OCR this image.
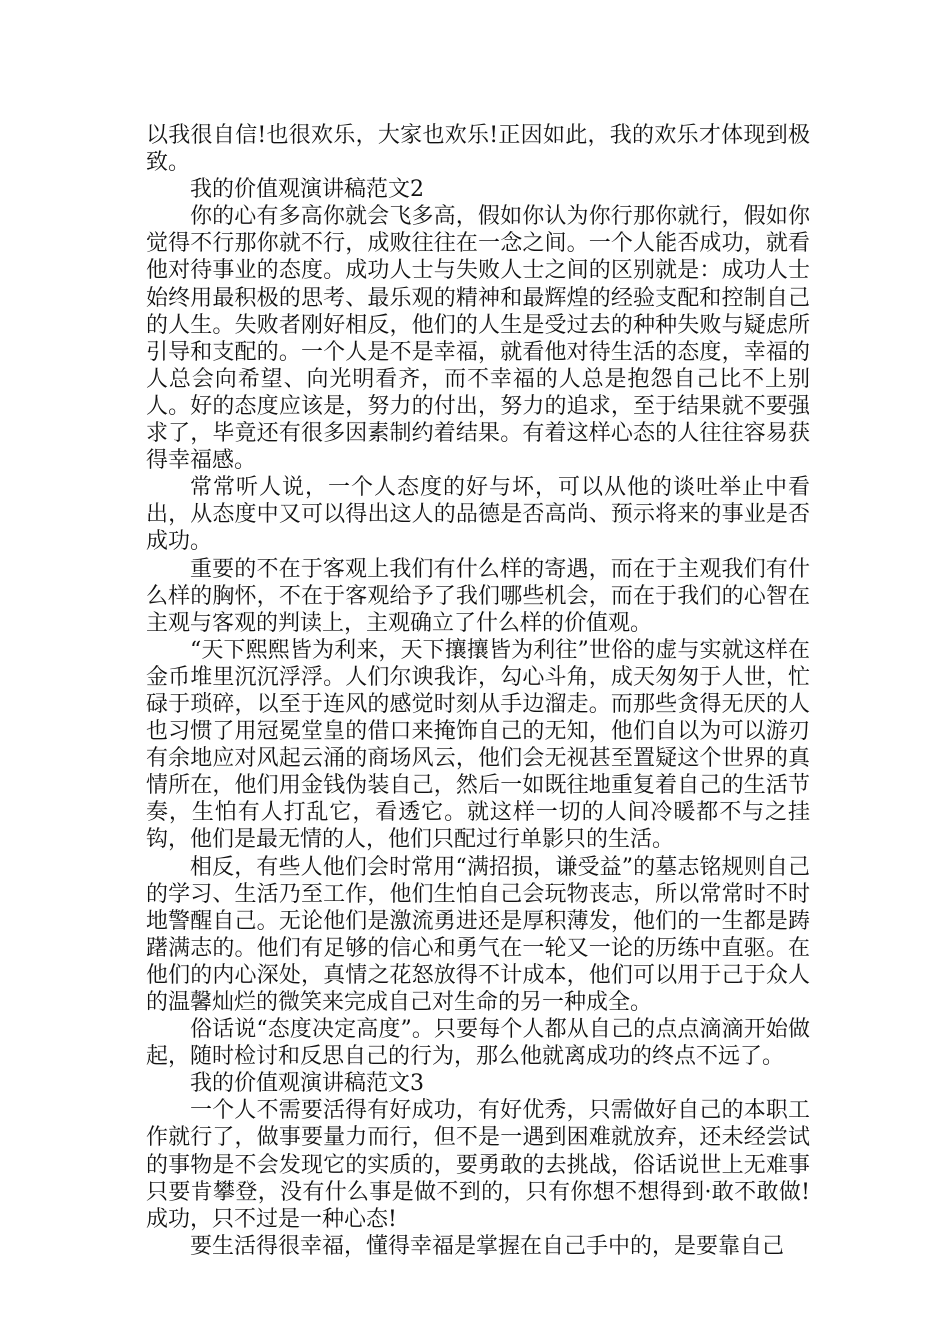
以我很自信!也很欢乐，大家也欢乐!正因如此，我的欢乐才体现到极致。

我的价值观演讲稿范文2

你的心有多高你就会飞多高，假如你认为你行那你就行，假如你觉得不行那你就不行，成败往往在一念之间。一个人能否成功，就看他对待事业的态度。成功人士与失败人士之间的区别就是：成功人士始终用最积极的思考、最乐观的精神和最辉煌的经验支配和控制自己的人生。失败者刚好相反，他们的人生是受过去的种种失败与疑虑所引导和支配的。一个人是不是幸福，就看他对待生活的态度，幸福的人总会向希望、向光明看齐，而不幸福的人总是抱怨自己比不上别人。好的态度应该是，努力的付出，努力的追求，至于结果就不要强求了，毕竟还有很多因素制约着结果。有着这样心态的人往往容易获得幸福感。

常常听人说，一个人态度的好与坏，可以从他的谈吐举止中看出，从态度中又可以得出这人的品德是否高尚、预示将来的事业是否成功。

重要的不在于客观上我们有什么样的寄遇，而在于主观我们有什么样的胸怀，不在于客观给予了我们哪些机会，而在于我们的心智在主观与客观的判读上，主观确立了什么样的价值观。

“天下熙熙皆为利来，天下攘攘皆为利往”世俗的虚与实就这样在金币堆里沉沉浮浮。人们尔谀我诈，勾心斗角，成天匆匆于人世，忙碌于琐碎，以至于连风的感觉时刻从手边溜走。而那些贪得无厌的人也习惯了用冠冕堂皇的借口来掩饰自己的无知，他们自以为可以游刃有余地应对风起云涌的商场风云，他们会无视甚至置疑这个世界的真情所在，他们用金钱伪装自己，然后一如既往地重复着自己的生活节奏，生怕有人打乱它，看透它。就这样一切的人间冷暖都不与之挂钩，他们是最无情的人，他们只配过行单影只的生活。

相反，有些人他们会时常用“满招损，谦受益”的墓志铭规则自己的学习、生活乃至工作，他们生怕自己会玩物丧志，所以常常时不时地警醒自己。无论他们是激流勇进还是厚积薄发，他们的一生都是踌躇满志的。他们有足够的信心和勇气在一轮又一论的历练中直驱。在他们的内心深处，真情之花怒放得不计成本，他们可以用于己于众人的温馨灿烂的微笑来完成自己对生命的另一种成全。

俗话说“态度决定高度”。只要每个人都从自己的点点滴滴开始做起，随时检讨和反思自己的行为，那么他就离成功的终点不远了。

我的价值观演讲稿范文3

一个人不需要活得有好成功，有好优秀，只需做好自己的本职工作就行了，做事要量力而行，但不是一遇到困难就放弃，还未经尝试的事物是不会发现它的实质的，要勇敢的去挑战，俗话说世上无难事只要肯攀登，没有什么事是做不到的，只有你想不想得到·敢不敢做!成功，只不过是一种心态!

要生活得很幸福，懂得幸福是掌握在自己手中的，是要靠自己
